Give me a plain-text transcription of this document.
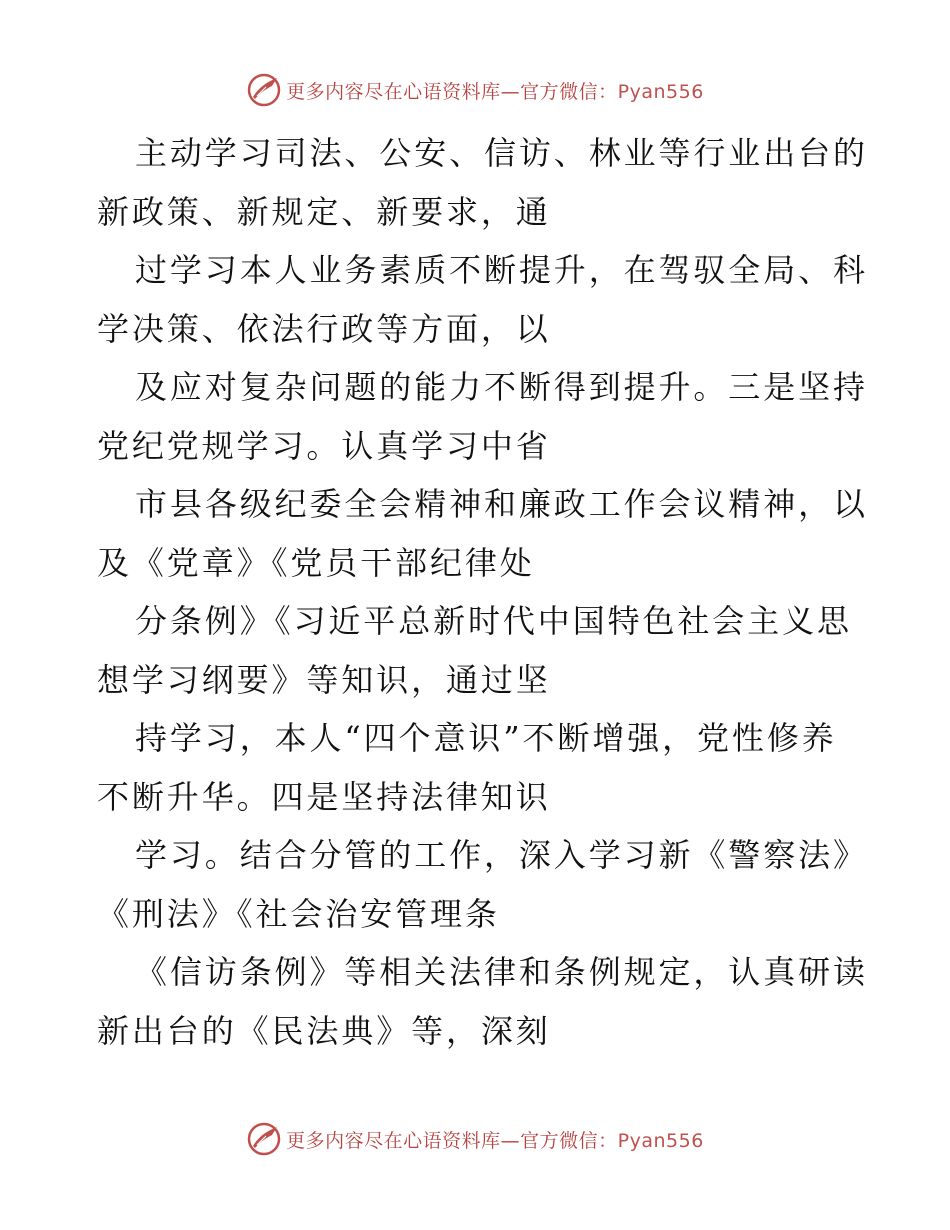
更多内容尽在心语资料库—官方微信：Pyan556

主动学习司法、公安、信访、林业等行业出台的
新政策、新规定、新要求，通

过学习本人业务素质不断提升，在驾驭全局、科
学决策、依法行政等方面，以

及应对复杂问题的能力不断得到提升。三是坚持
党纪党规学习。认真学习中省

市县各级纪委全会精神和廉政工作会议精神，以
及《党章》《党员干部纪律处

分条例》《习近平总新时代中国特色社会主义思
想学习纲要》等知识，通过坚

持学习，本人“四个意识”不断增强，党性修养
不断升华。四是坚持法律知识

学习。结合分管的工作，深入学习新《警察法》
《刑法》《社会治安管理条

《信访条例》等相关法律和条例规定，认真研读
新出台的《民法典》等，深刻

更多内容尽在心语资料库—官方微信：Pyan556
